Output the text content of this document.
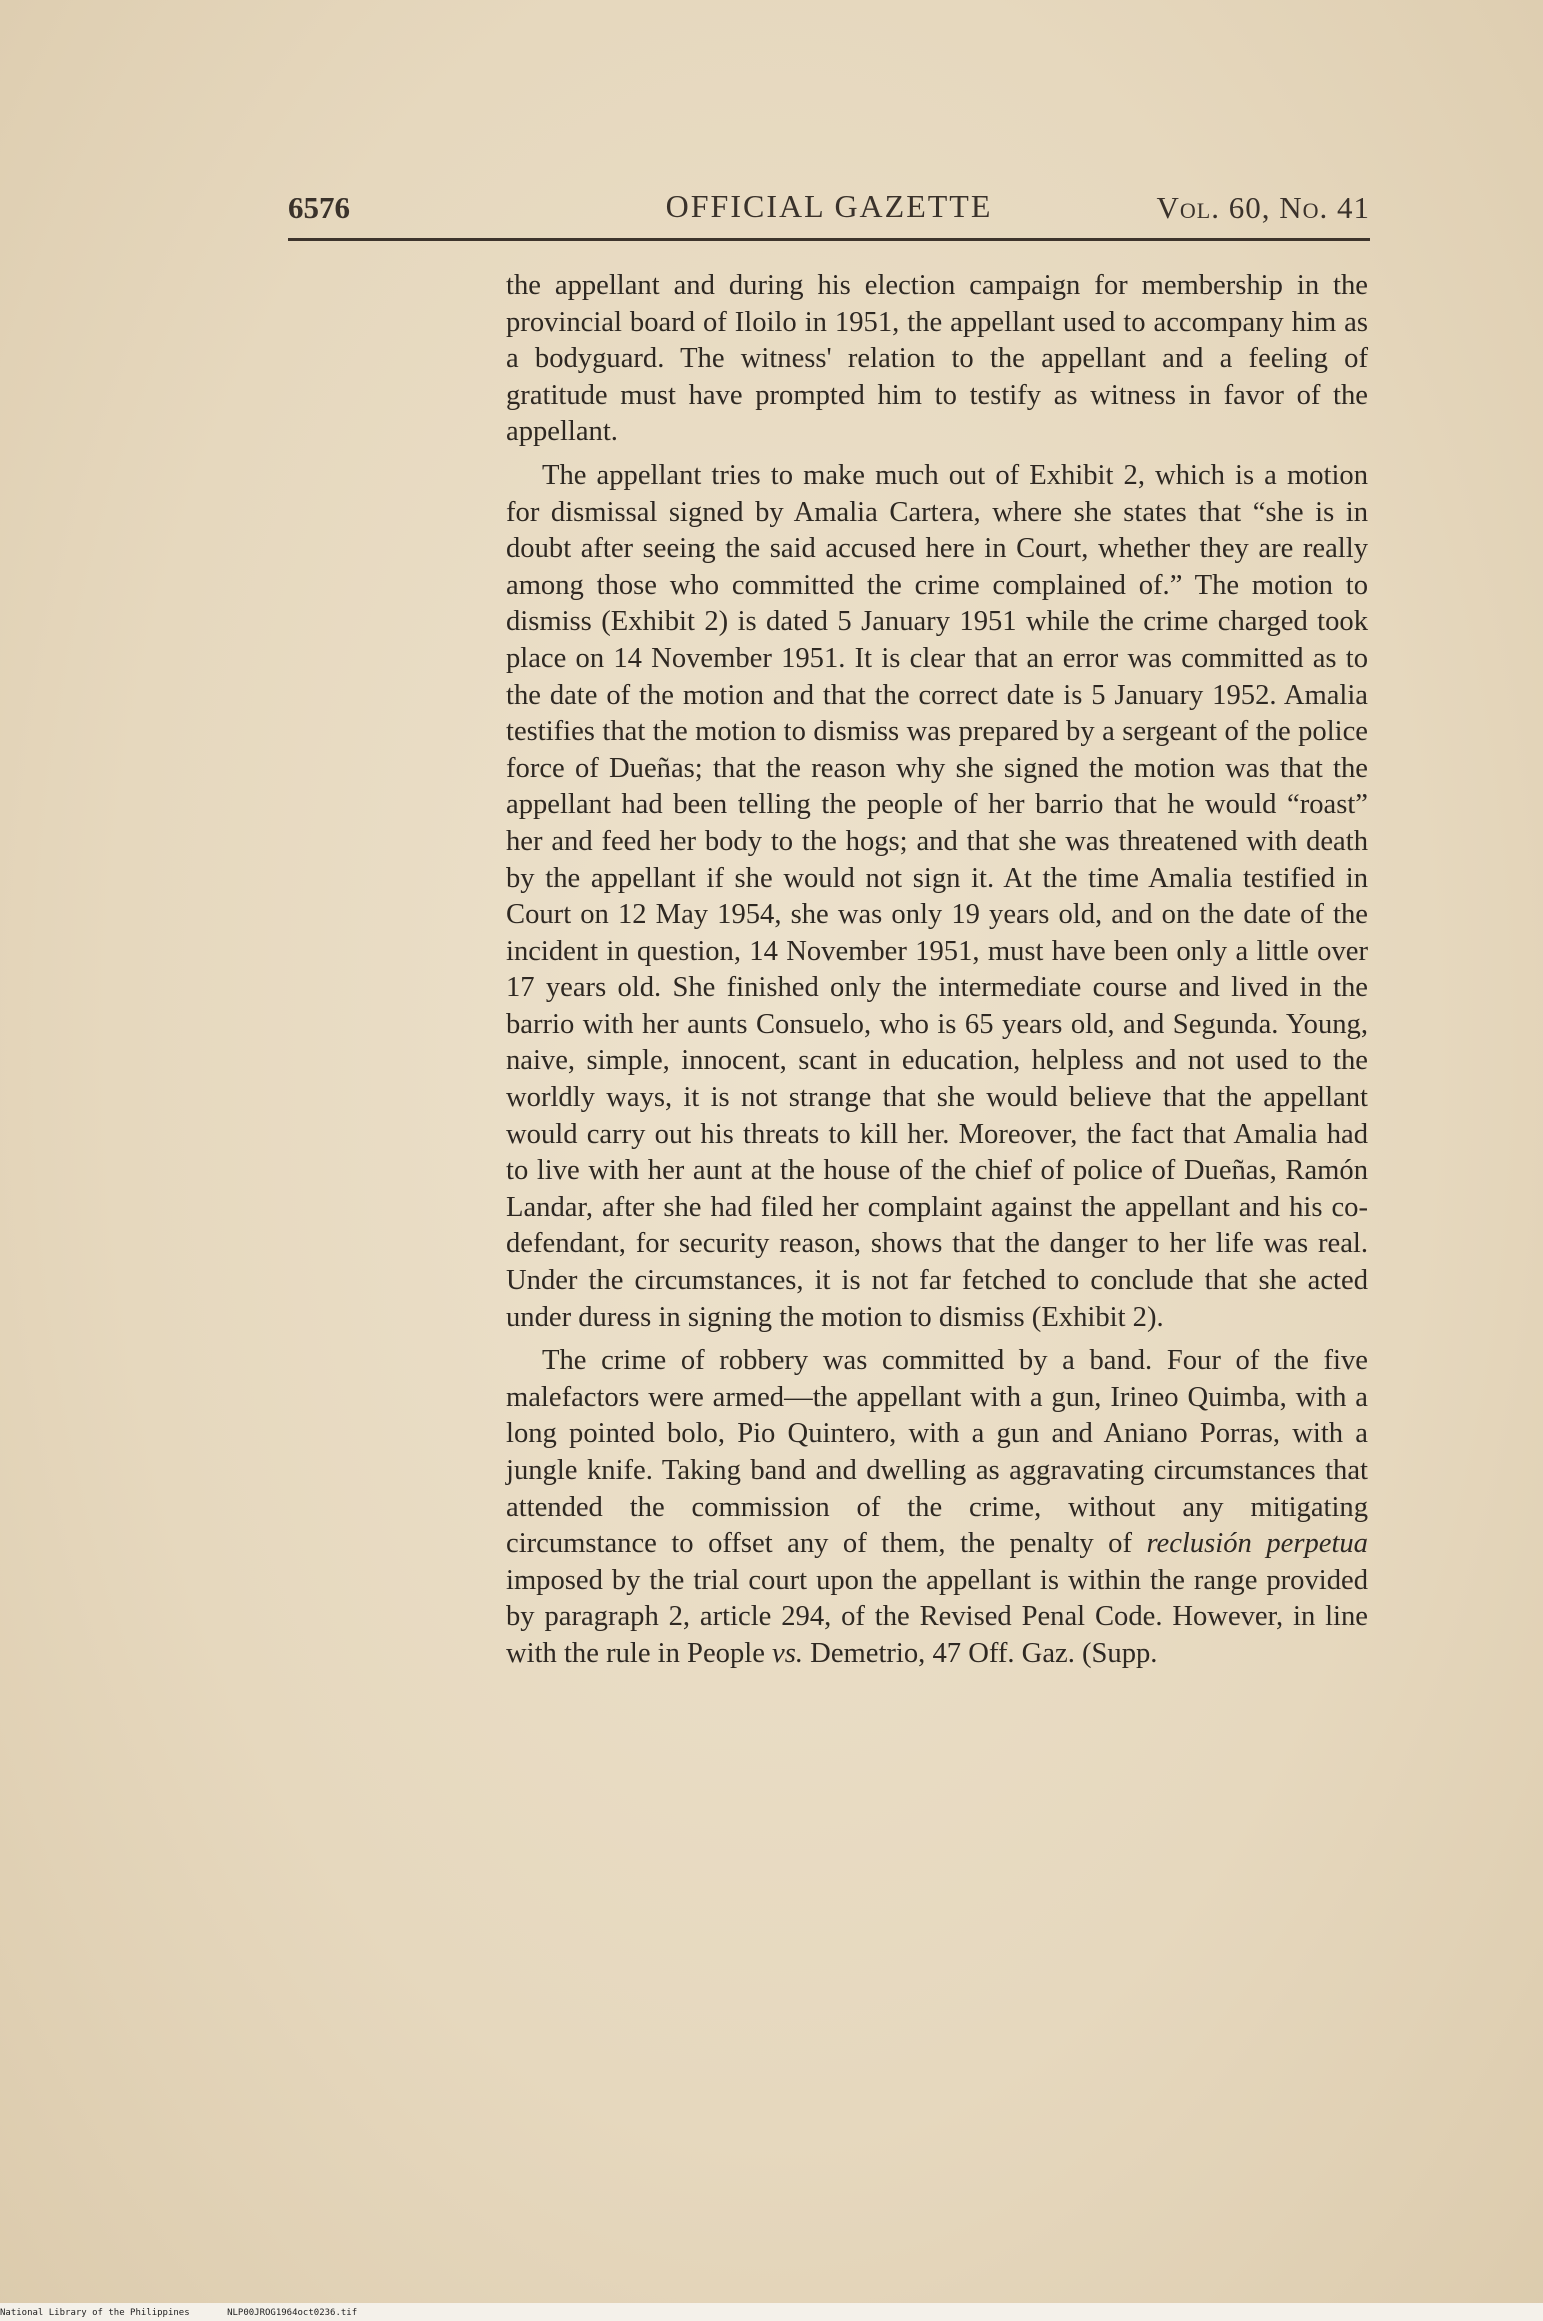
6576	OFFICIAL GAZETTE	Vol. 60, No. 41

the appellant and during his election campaign for membership in the provincial board of Iloilo in 1951, the appellant used to accompany him as a bodyguard. The witness' relation to the appellant and a feeling of gratitude must have prompted him to testify as witness in favor of the appellant.

The appellant tries to make much out of Exhibit 2, which is a motion for dismissal signed by Amalia Cartera, where she states that “she is in doubt after seeing the said accused here in Court, whether they are really among those who committed the crime complained of.” The motion to dismiss (Exhibit 2) is dated 5 January 1951 while the crime charged took place on 14 November 1951. It is clear that an error was committed as to the date of the motion and that the correct date is 5 January 1952. Amalia testifies that the motion to dismiss was prepared by a sergeant of the police force of Dueñas; that the reason why she signed the motion was that the appellant had been telling the people of her barrio that he would “roast” her and feed her body to the hogs; and that she was threatened with death by the appellant if she would not sign it. At the time Amalia testified in Court on 12 May 1954, she was only 19 years old, and on the date of the incident in question, 14 November 1951, must have been only a little over 17 years old. She finished only the intermediate course and lived in the barrio with her aunts Consuelo, who is 65 years old, and Segunda. Young, naive, simple, innocent, scant in education, helpless and not used to the worldly ways, it is not strange that she would believe that the appellant would carry out his threats to kill her. Moreover, the fact that Amalia had to live with her aunt at the house of the chief of police of Dueñas, Ramón Landar, after she had filed her complaint against the appellant and his co-defendant, for security reason, shows that the danger to her life was real. Under the circumstances, it is not far fetched to conclude that she acted under duress in signing the motion to dismiss (Exhibit 2).

The crime of robbery was committed by a band. Four of the five malefactors were armed—the appellant with a gun, Irineo Quimba, with a long pointed bolo, Pio Quintero, with a gun and Aniano Porras, with a jungle knife. Taking band and dwelling as aggravating circumstances that attended the commission of the crime, without any mitigating circumstance to offset any of them, the penalty of reclusión perpetua imposed by the trial court upon the appellant is within the range provided by paragraph 2, article 294, of the Revised Penal Code. However, in line with the rule in People vs. Demetrio, 47 Off. Gaz. (Supp.

National Library of the Philippines	NLP00JROG1964oct0236.tif
